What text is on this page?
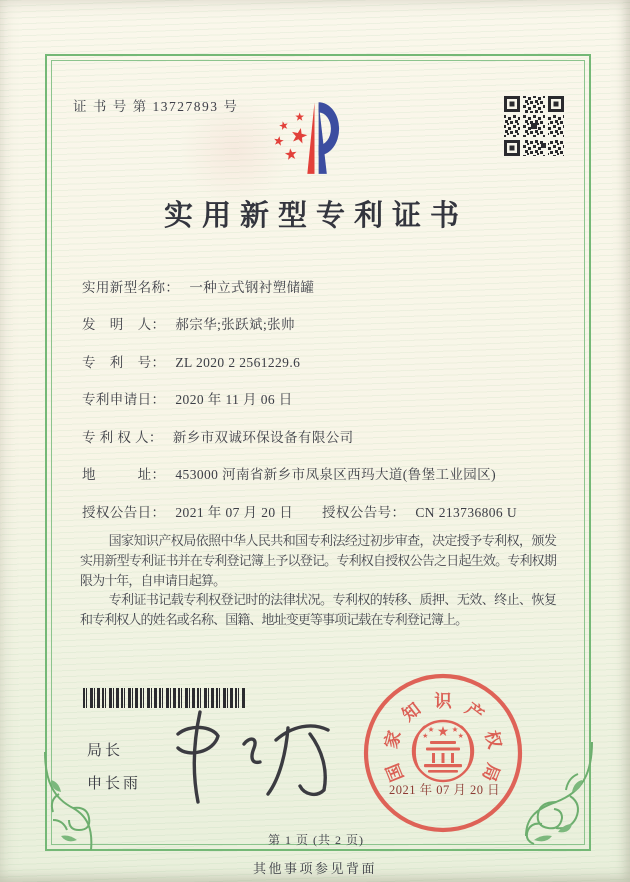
证 书 号 第 13727893 号
实用新型专利证书
实用新型名称： 一种立式钢衬塑储罐
发　明　人： 郝宗华;张跃斌;张帅
专　利　号： ZL 2020 2 2561229.6
专利申请日： 2020 年 11 月 06 日
专 利 权 人： 新乡市双诚环保设备有限公司
地　　　址： 453000 河南省新乡市凤泉区西玛大道(鲁堡工业园区)
授权公告日： 2021 年 07 月 20 日 授权公告号： CN 213736806 U

国家知识产权局依照中华人民共和国专利法经过初步审查，决定授予专利权，颁发实用新型专利证书并在专利登记簿上予以登记。专利权自授权公告之日起生效。专利权期限为十年，自申请日起算。

专利证书记载专利权登记时的法律状况。专利权的转移、质押、无效、终止、恢复和专利权人的姓名或名称、国籍、地址变更等事项记载在专利登记簿上。

局长
申长雨	国
家
知 识 产
权
局
2021 年 07 月 20 日
第 1 页 (共 2 页)
其他事项参见背面
